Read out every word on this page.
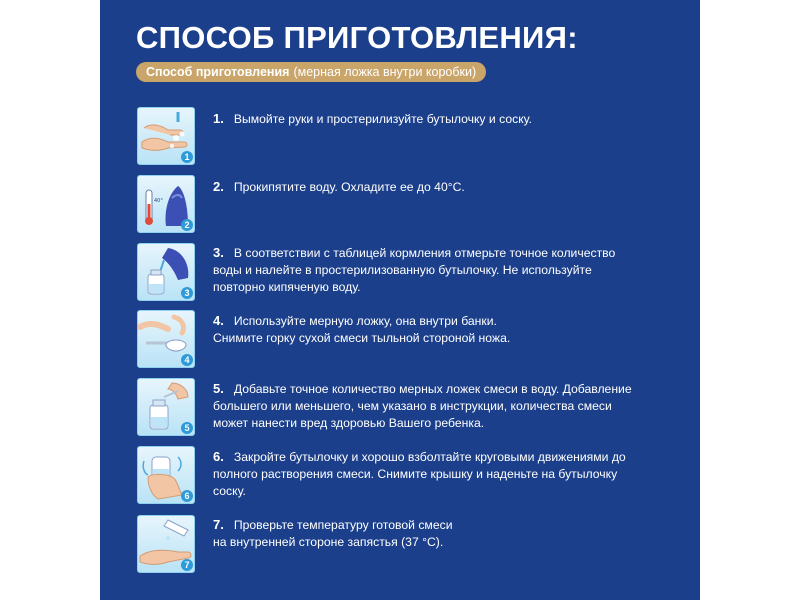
СПОСОБ ПРИГОТОВЛЕНИЯ:
Способ приготовления (мерная ложка внутри коробки)
1
1. Вымойте руки и простерилизуйте бутылочку и соску.
40°
2
2. Прокипятите воду. Охладите ее до 40°С.
3
3. В соответствии с таблицей кормления отмерьте точное количество
воды и налейте в простерилизованную бутылочку. Не используйте
повторно кипяченую воду.
4
4. Используйте мерную ложку, она внутри банки.
Снимите горку сухой смеси тыльной стороной ножа.
5
5. Добавьте точное количество мерных ложек смеси в воду. Добавление
большего или меньшего, чем указано в инструкции, количества смеси
может нанести вред здоровью Вашего ребенка.
6
6. Закройте бутылочку и хорошо взболтайте круговыми движениями до
полного растворения смеси. Снимите крышку и наденьте на бутылочку
соску.
7
7. Проверьте температуру готовой смеси
на внутренней стороне запястья (37 °С).
